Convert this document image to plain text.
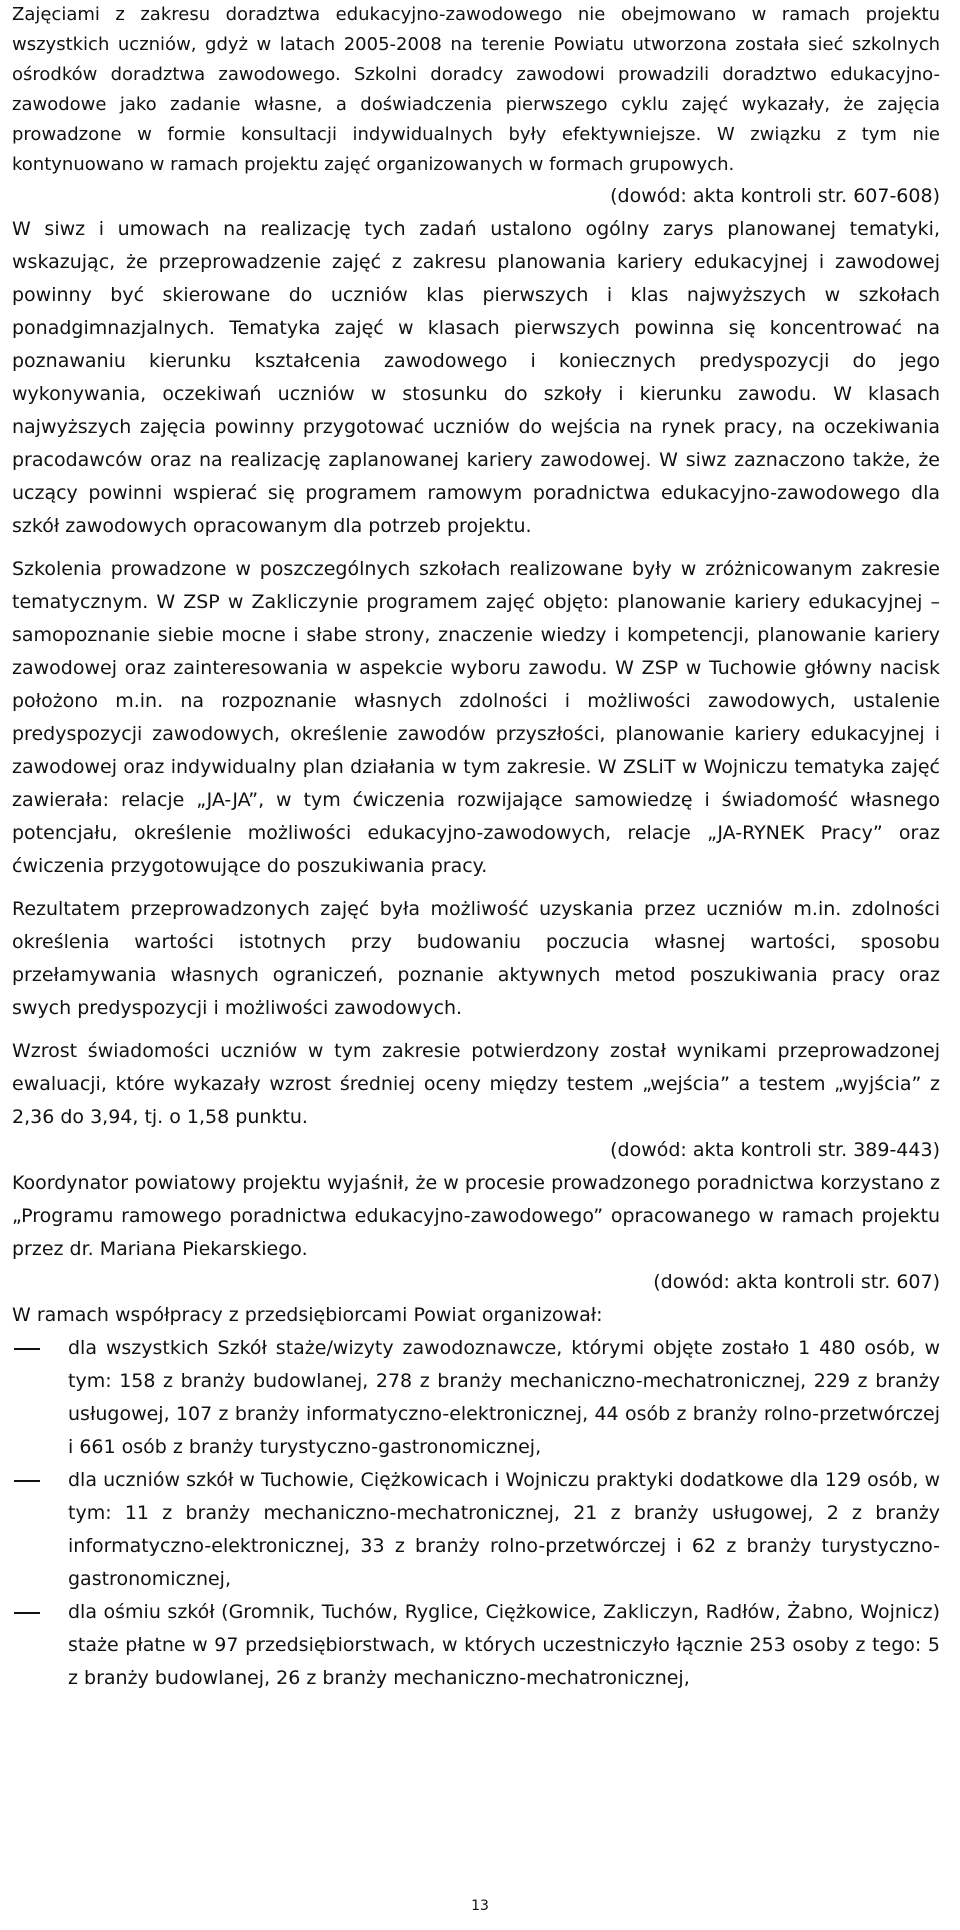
Zajęciami z zakresu doradztwa edukacyjno-zawodowego nie obejmowano w ramach projektu wszystkich uczniów, gdyż w latach 2005-2008 na terenie Powiatu utworzona została sieć szkolnych ośrodków doradztwa zawodowego. Szkolni doradcy zawodowi prowadzili doradztwo edukacyjno-zawodowe jako zadanie własne, a doświadczenia pierwszego cyklu zajęć wykazały, że zajęcia prowadzone w formie konsultacji indywidualnych były efektywniejsze. W związku z tym nie kontynuowano w ramach projektu zajęć organizowanych w formach grupowych.

(dowód: akta kontroli str. 607-608)

W siwz i umowach na realizację tych zadań ustalono ogólny zarys planowanej tematyki, wskazując, że przeprowadzenie zajęć z zakresu planowania kariery edukacyjnej i zawodowej powinny być skierowane do uczniów klas pierwszych i klas najwyższych w szkołach ponadgimnazjalnych. Tematyka zajęć w klasach pierwszych powinna się koncentrować na poznawaniu kierunku kształcenia zawodowego i koniecznych predyspozycji do jego wykonywania, oczekiwań uczniów w stosunku do szkoły i kierunku zawodu. W klasach najwyższych zajęcia powinny przygotować uczniów do wejścia na rynek pracy, na oczekiwania pracodawców oraz na realizację zaplanowanej kariery zawodowej. W siwz zaznaczono także, że uczący powinni wspierać się programem ramowym poradnictwa edukacyjno-zawodowego dla szkół zawodowych opracowanym dla potrzeb projektu.

Szkolenia prowadzone w poszczególnych szkołach realizowane były w zróżnicowanym zakresie tematycznym. W ZSP w Zakliczynie programem zajęć objęto: planowanie kariery edukacyjnej – samopoznanie siebie mocne i słabe strony, znaczenie wiedzy i kompetencji, planowanie kariery zawodowej oraz zainteresowania w aspekcie wyboru zawodu. W ZSP w Tuchowie główny nacisk położono m.in. na rozpoznanie własnych zdolności i możliwości zawodowych, ustalenie predyspozycji zawodowych, określenie zawodów przyszłości, planowanie kariery edukacyjnej i zawodowej oraz indywidualny plan działania w tym zakresie. W ZSLiT w Wojniczu tematyka zajęć zawierała: relacje „JA-JA”, w tym ćwiczenia rozwijające samowiedzę i świadomość własnego potencjału, określenie możliwości edukacyjno-zawodowych, relacje „JA-RYNEK Pracy” oraz ćwiczenia przygotowujące do poszukiwania pracy.

Rezultatem przeprowadzonych zajęć była możliwość uzyskania przez uczniów m.in. zdolności określenia wartości istotnych przy budowaniu poczucia własnej wartości, sposobu przełamywania własnych ograniczeń, poznanie aktywnych metod poszukiwania pracy oraz swych predyspozycji i możliwości zawodowych.

Wzrost świadomości uczniów w tym zakresie potwierdzony został wynikami przeprowadzonej ewaluacji, które wykazały wzrost średniej oceny między testem „wejścia” a testem „wyjścia” z 2,36 do 3,94, tj. o 1,58 punktu.

(dowód: akta kontroli str. 389-443)

Koordynator powiatowy projektu wyjaśnił, że w procesie prowadzonego poradnictwa korzystano z „Programu ramowego poradnictwa edukacyjno-zawodowego” opracowanego w ramach projektu przez dr. Mariana Piekarskiego.

(dowód: akta kontroli str. 607)

W ramach współpracy z przedsiębiorcami Powiat organizował:

dla wszystkich Szkół staże/wizyty zawodoznawcze, którymi objęte zostało 1 480 osób, w tym: 158 z branży budowlanej, 278 z branży mechaniczno-mechatronicznej, 229 z branży usługowej, 107 z branży informatyczno-elektronicznej, 44 osób z branży rolno-przetwórczej i 661 osób z branży turystyczno-gastronomicznej,
dla uczniów szkół w Tuchowie, Ciężkowicach i Wojniczu praktyki dodatkowe dla 129 osób, w tym: 11 z branży mechaniczno-mechatronicznej, 21 z branży usługowej, 2 z branży informatyczno-elektronicznej, 33 z branży rolno-przetwórczej i 62 z branży turystyczno-gastronomicznej,
dla ośmiu szkół (Gromnik, Tuchów, Ryglice, Ciężkowice, Zakliczyn, Radłów, Żabno, Wojnicz) staże płatne w 97 przedsiębiorstwach, w których uczestniczyło łącznie 253 osoby z tego: 5 z branży budowlanej, 26 z branży mechaniczno-mechatronicznej,
13
